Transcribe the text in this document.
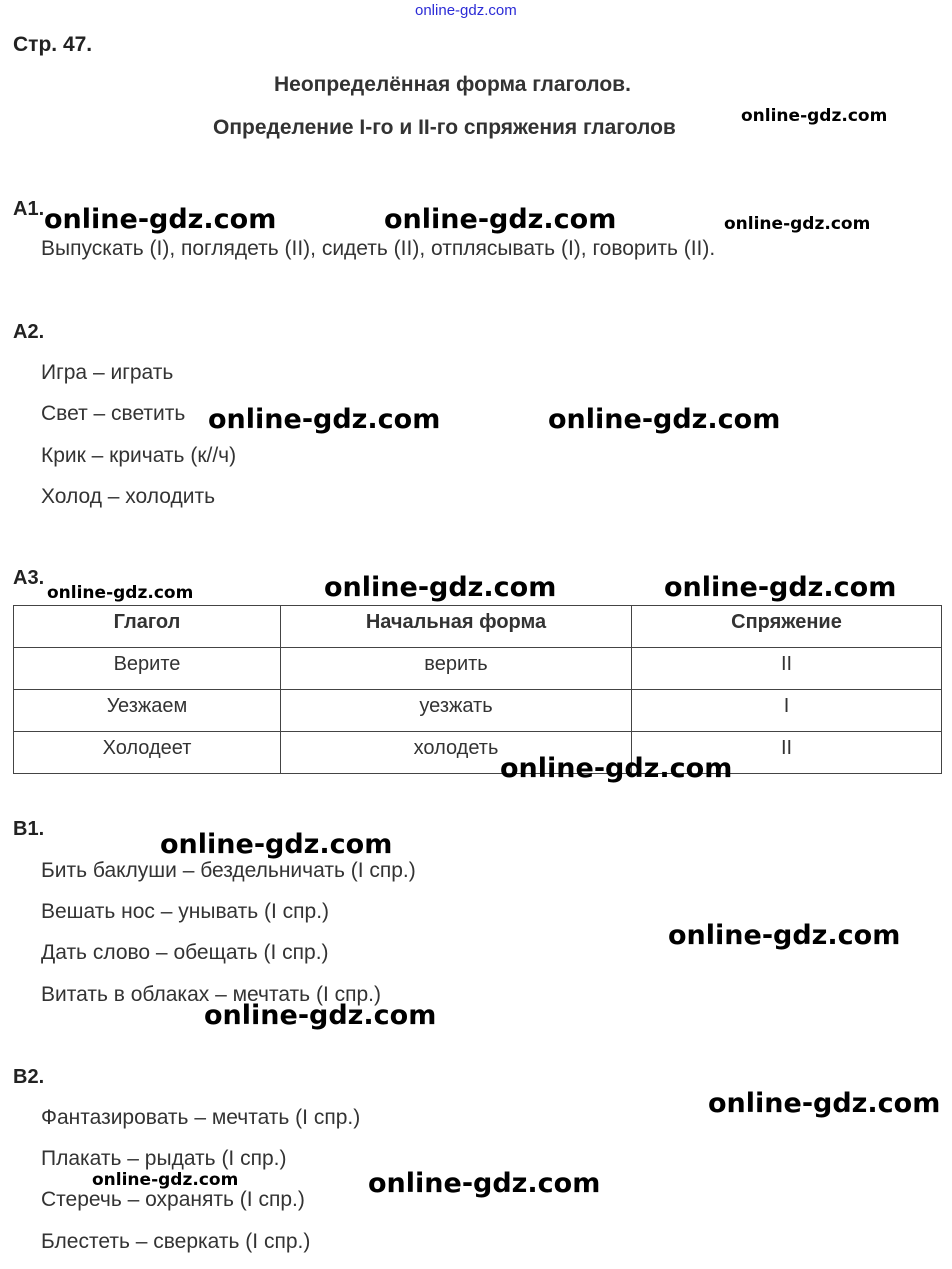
online-gdz.com
Стр. 47.
Неопределённая форма глаголов.
Определение I-го и II-го спряжения глаголов
А1.
Выпускать (I), поглядеть (II), сидеть (II), отплясывать (I), говорить (II).
А2.
Игра – играть
Свет – светить
Крик – кричать (к//ч)
Холод – холодить
А3.
Глагол	Начальная форма	Спряжение
Верите	верить	II
Уезжаем	уезжать	I
Холодеет	холодеть	II
В1.
Бить баклуши – бездельничать (I спр.)
Вешать нос – унывать (I спр.)
Дать слово – обещать (I спр.)
Витать в облаках – мечтать (I спр.)
В2.
Фантазировать – мечтать (I спр.)
Плакать – рыдать (I спр.)
Стеречь – охранять (I спр.)
Блестеть – сверкать (I спр.)
online-gdz.com
online-gdz.com	online-gdz.com	online-gdz.com
online-gdz.com	online-gdz.com
online-gdz.com	online-gdz.com	online-gdz.com
online-gdz.com
online-gdz.com
online-gdz.com
online-gdz.com
online-gdz.com
online-gdz.com	online-gdz.com
